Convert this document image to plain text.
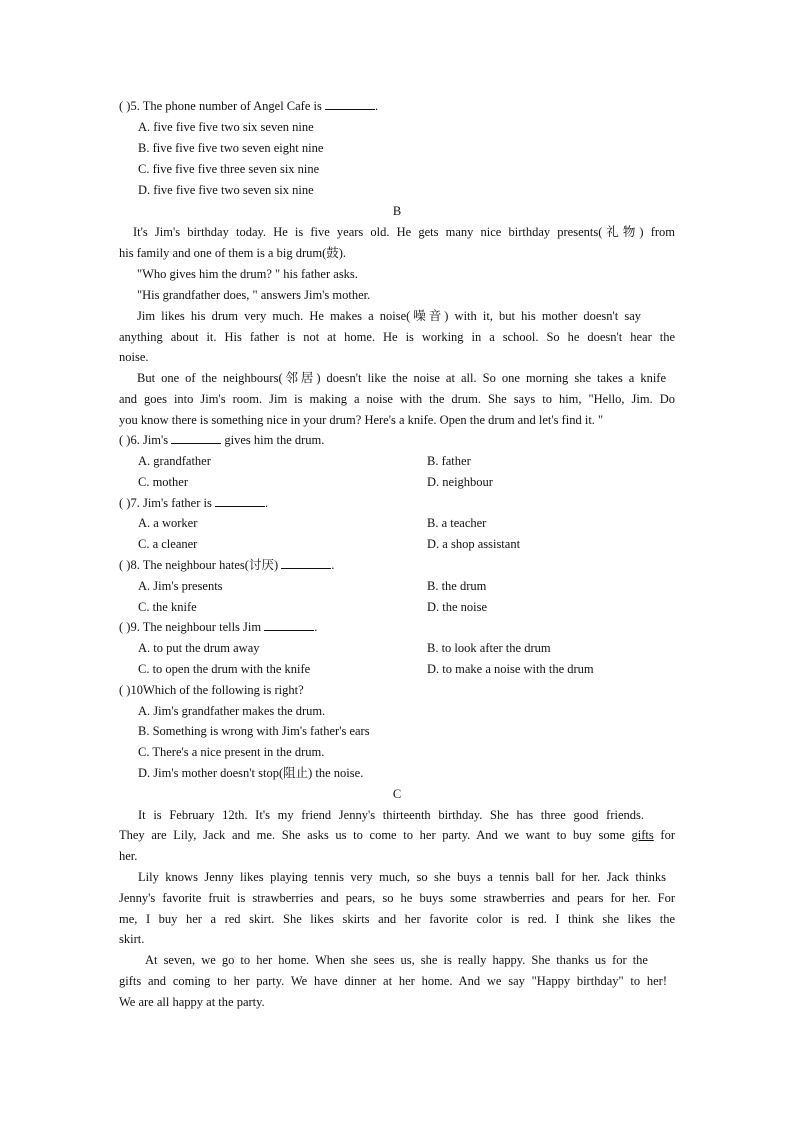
( )5. The phone number of Angel Cafe is	.
A. five five five two six seven nine
B. five five five two seven eight nine
C. five five five three seven six nine
D. five five five two seven six nine
B
It's Jim's birthday today. He is five years old. He gets many nice birthday presents(礼物) from
his family and one of them is a big drum(鼓).
"Who gives him the drum? " his father asks.
"His grandfather does, " answers Jim's mother.
Jim likes his drum very much. He makes a noise(噪音) with it, but his mother doesn't say
anything about it. His father is not at home. He is working in a school. So he doesn't hear the
noise.
But one of the neighbours(邻居) doesn't like the noise at all. So one morning she takes a knife
and goes into Jim's room. Jim is making a noise with the drum. She says to him, "Hello, Jim. Do
you know there is something nice in your drum? Here's a knife. Open the drum and let's find it. "
( )6. Jim's	gives him the drum.
A. grandfather	B. father
C. mother	D. neighbour
( )7. Jim's father is	.
A. a worker	B. a teacher
C. a cleaner	D. a shop assistant
( )8. The neighbour hates(讨厌)	.
A. Jim's presents	B. the drum
C. the knife	D. the noise
( )9. The neighbour tells Jim	.
A. to put the drum away	B. to look after the drum
C. to open the drum with the knife	D. to make a noise with the drum
( )10Which of the following is right?
A. Jim's grandfather makes the drum.
B. Something is wrong with Jim's father's ears
C. There's a nice present in the drum.
D. Jim's mother doesn't stop(阻止) the noise.
C
It is February 12th. It's my friend Jenny's thirteenth birthday. She has three good friends.
They are Lily, Jack and me. She asks us to come to her party. And we want to buy some gifts for
her.
Lily knows Jenny likes playing tennis very much, so she buys a tennis ball for her. Jack thinks
Jenny's favorite fruit is strawberries and pears, so he buys some strawberries and pears for her. For
me, I buy her a red skirt. She likes skirts and her favorite color is red. I think she likes the
skirt.
At seven, we go to her home. When she sees us, she is really happy. She thanks us for the
gifts and coming to her party. We have dinner at her home. And we say "Happy birthday" to her!
We are all happy at the party.
